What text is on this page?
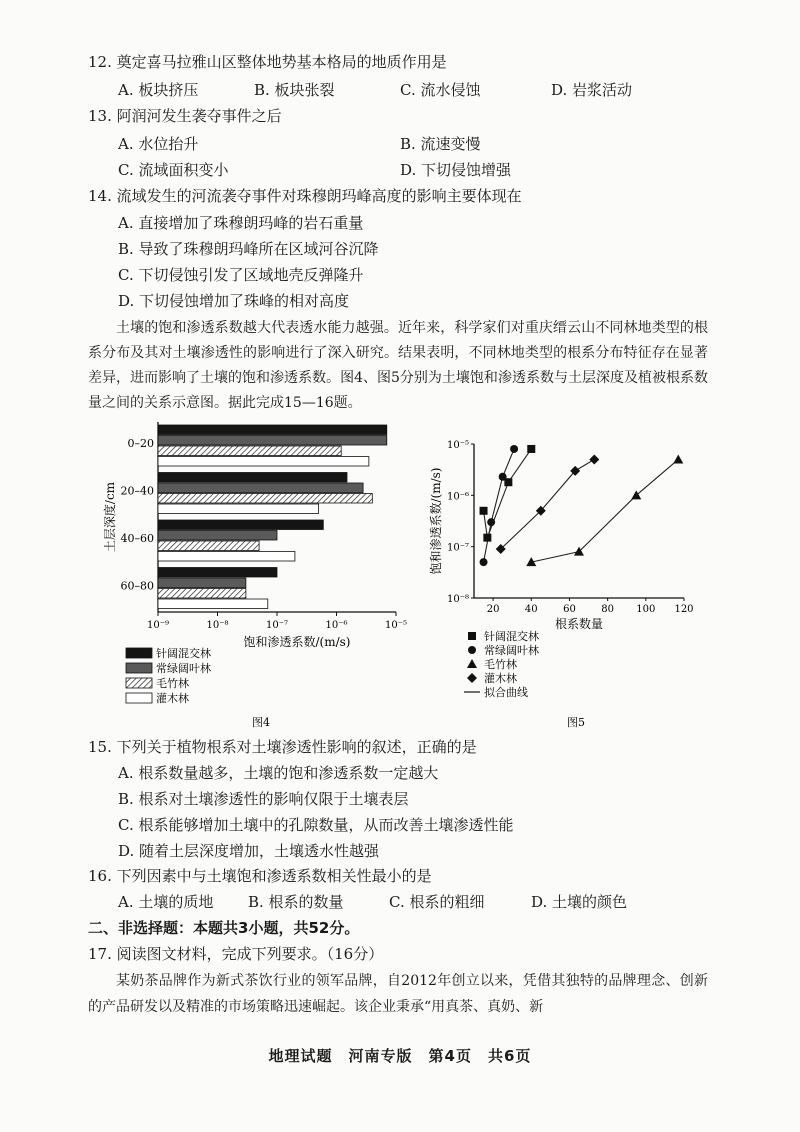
12. 奠定喜马拉雅山区整体地势基本格局的地质作用是
A. 板块挤压	B. 板块张裂	C. 流水侵蚀	D. 岩浆活动
13. 阿润河发生袭夺事件之后
A. 水位抬升	B. 流速变慢
C. 流域面积变小	D. 下切侵蚀增强
14. 流域发生的河流袭夺事件对珠穆朗玛峰高度的影响主要体现在
A. 直接增加了珠穆朗玛峰的岩石重量
B. 导致了珠穆朗玛峰所在区域河谷沉降
C. 下切侵蚀引发了区域地壳反弹隆升
D. 下切侵蚀增加了珠峰的相对高度
土壤的饱和渗透系数越大代表透水能力越强。近年来，科学家们对重庆缙云山不同林地类型的根系分布及其对土壤渗透性的影响进行了深入研究。结果表明，不同林地类型的根系分布特征存在显著差异，进而影响了土壤的饱和渗透系数。图4、图5分别为土壤饱和渗透系数与土层深度及植被根系数量之间的关系示意图。据此完成15—16题。
0–20
20–40
40–60
60–80
10⁻⁹	10⁻⁸	10⁻⁷	10⁻⁶	10⁻⁵
饱和渗透系数/(m/s)
土层深度/cm
针阔混交林
常绿阔叶林
毛竹林
灌木林
图4
10⁻⁸
10⁻⁷
10⁻⁶
10⁻⁵
20	40	60	80 100 120
根系数量
饱和渗透系数/(m/s)
针阔混交林
常绿阔叶林
毛竹林
灌木林
拟合曲线
图5
15. 下列关于植物根系对土壤渗透性影响的叙述，正确的是
A. 根系数量越多，土壤的饱和渗透系数一定越大
B. 根系对土壤渗透性的影响仅限于土壤表层
C. 根系能够增加土壤中的孔隙数量，从而改善土壤渗透性能
D. 随着土层深度增加，土壤透水性越强
16. 下列因素中与土壤饱和渗透系数相关性最小的是
A. 土壤的质地 B. 根系的数量	C. 根系的粗细	D. 土壤的颜色
二、非选择题：本题共3小题，共52分。
17. 阅读图文材料，完成下列要求。（16分）
某奶茶品牌作为新式茶饮行业的领军品牌，自2012年创立以来，凭借其独特的品牌理念、创新的产品研发以及精准的市场策略迅速崛起。该企业秉承“用真茶、真奶、新
地理试题　河南专版　第4页　共6页
